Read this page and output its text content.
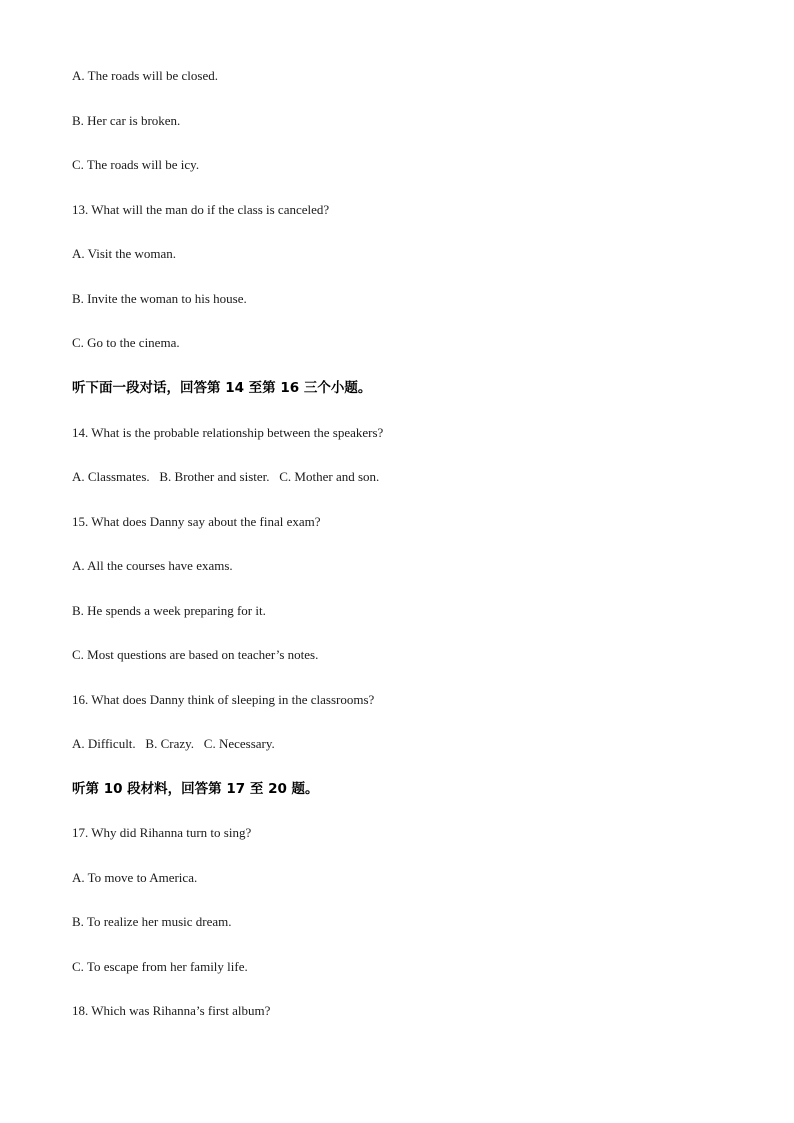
A. The roads will be closed.

B. Her car is broken.

C. The roads will be icy.

13. What will the man do if the class is canceled?

A. Visit the woman.

B. Invite the woman to his house.

C. Go to the cinema.

听下面一段对话，回答第 14 至第 16 三个小题。

14. What is the probable relationship between the speakers?

A. Classmates.   B. Brother and sister.   C. Mother and son.

15. What does Danny say about the final exam?

A. All the courses have exams.

B. He spends a week preparing for it.

C. Most questions are based on teacher’s notes.

16. What does Danny think of sleeping in the classrooms?

A. Difficult.   B. Crazy.   C. Necessary.

听第 10 段材料，回答第 17 至 20 题。

17. Why did Rihanna turn to sing?

A. To move to America.

B. To realize her music dream.

C. To escape from her family life.

18. Which was Rihanna’s first album?
